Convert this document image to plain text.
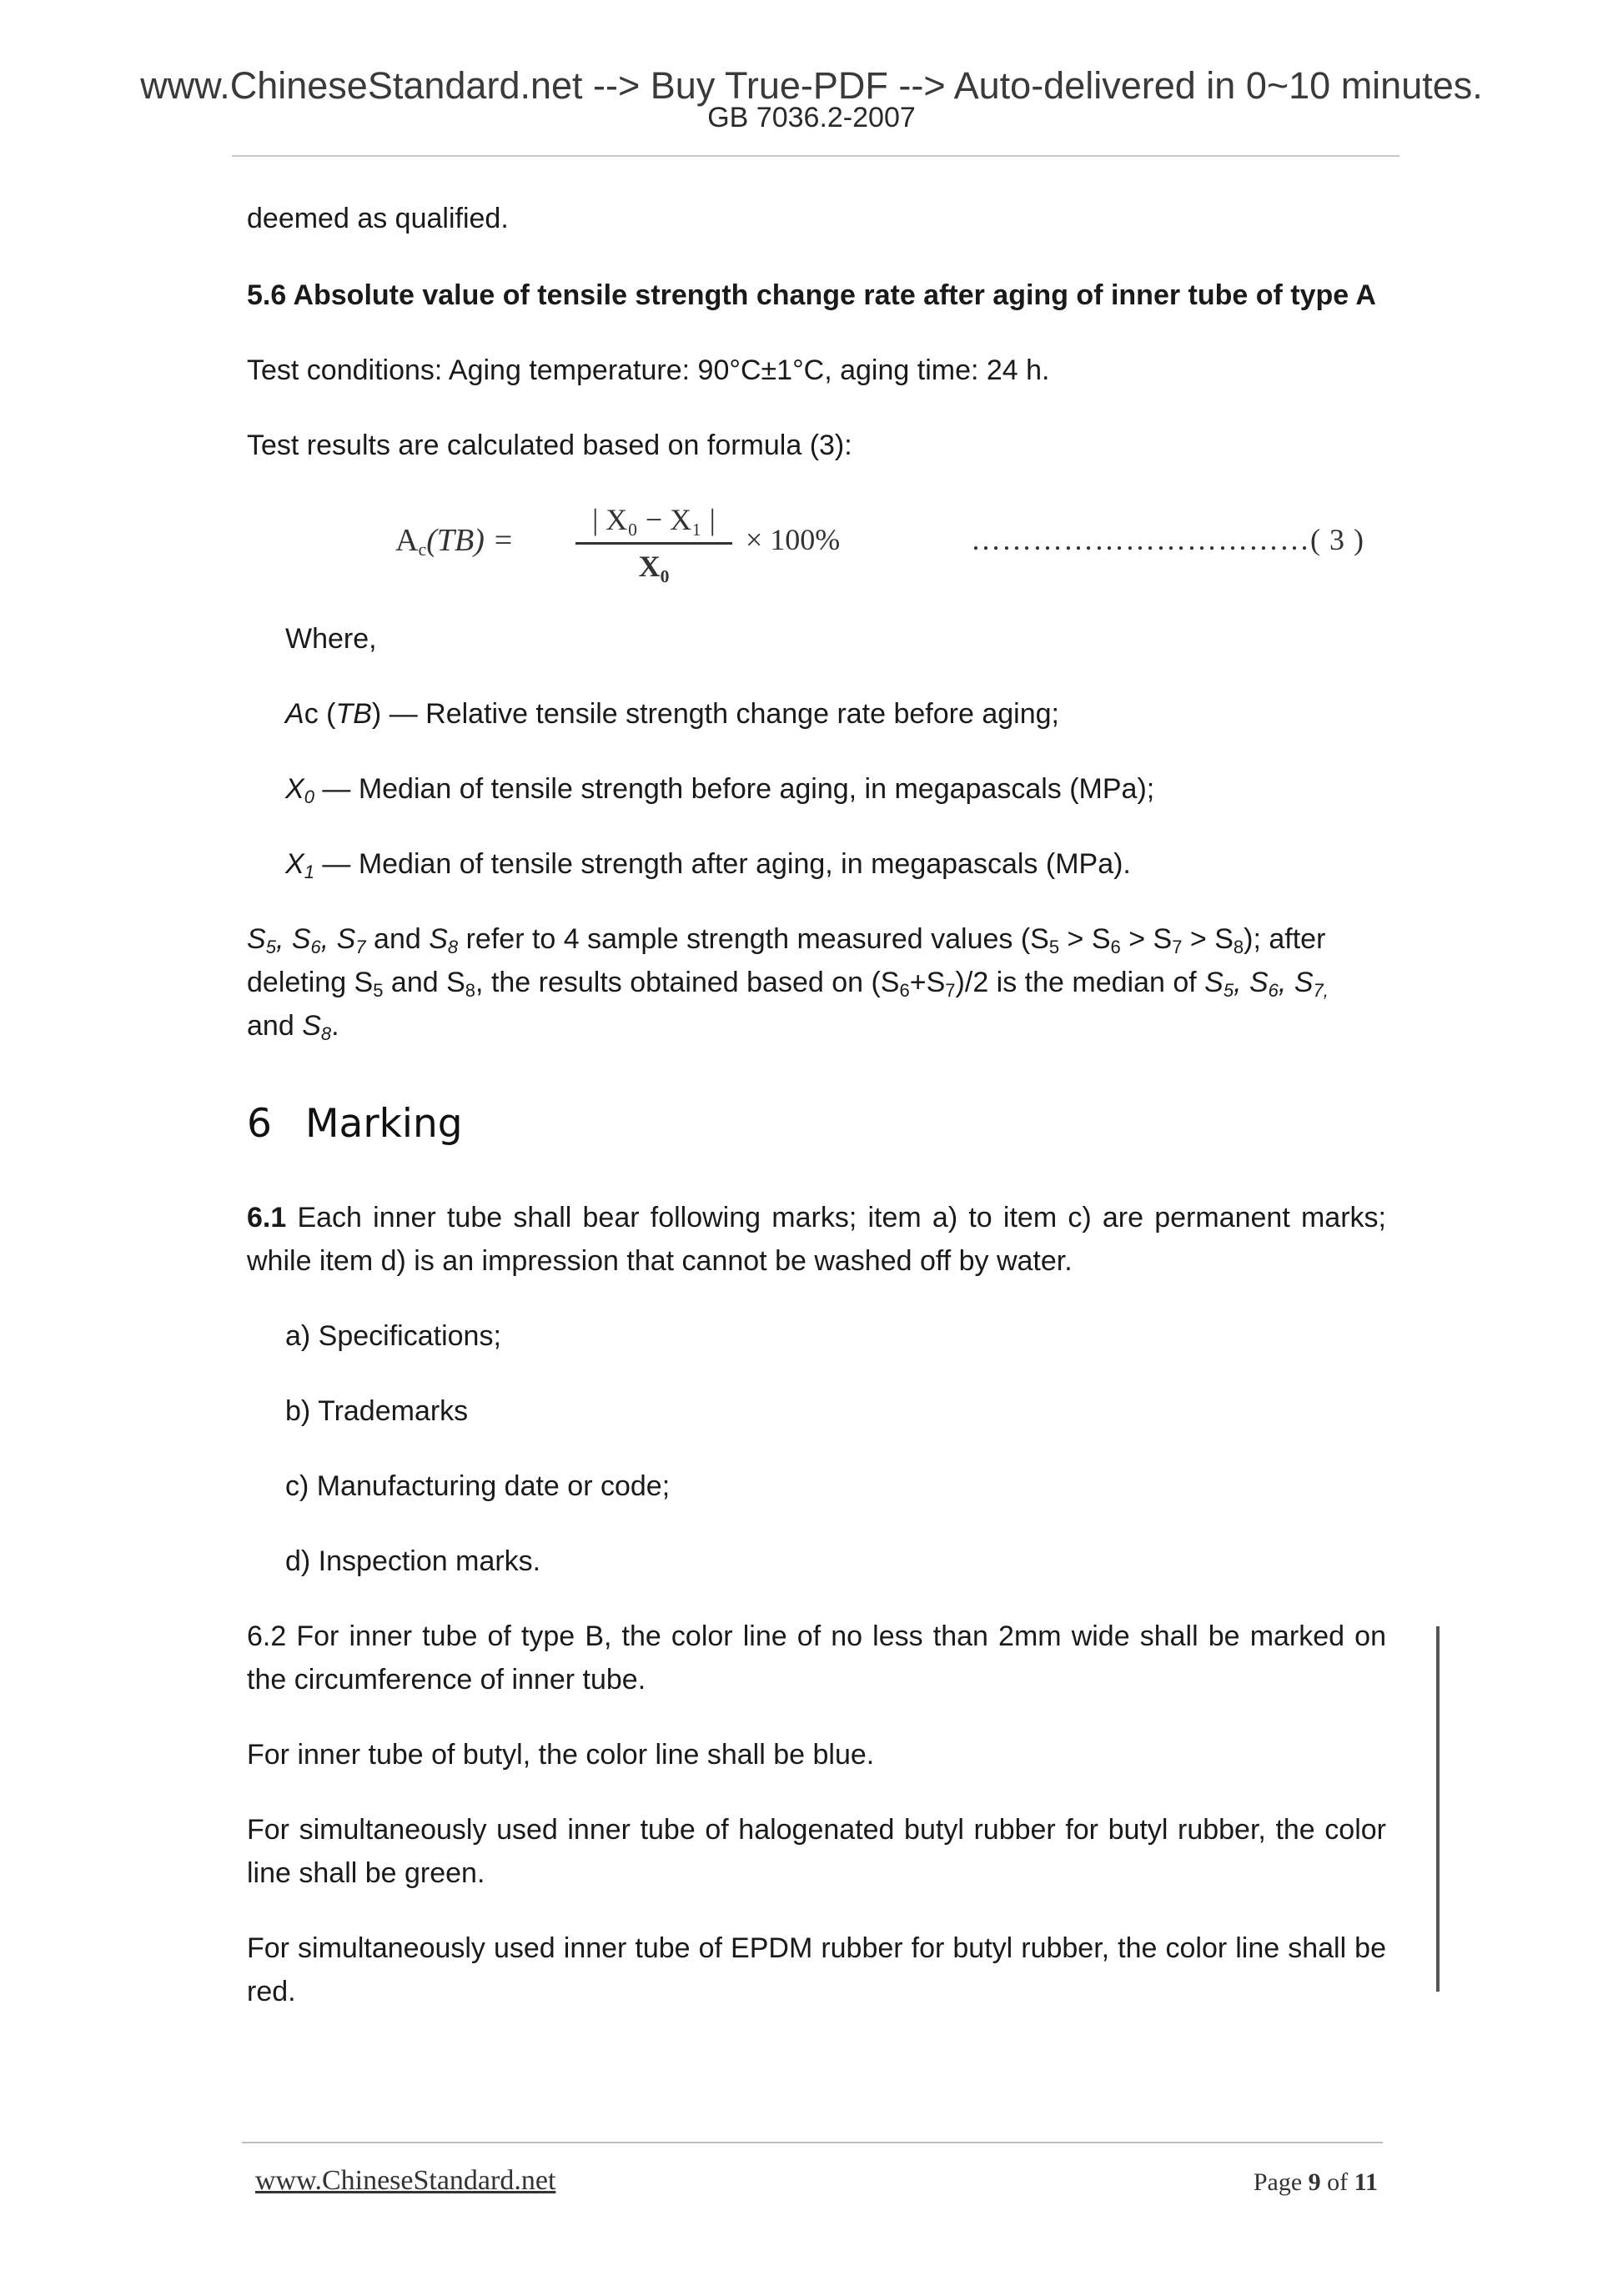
www.ChineseStandard.net --> Buy True-PDF --> Auto-delivered in 0~10 minutes.
GB 7036.2-2007
deemed as qualified.
5.6 Absolute value of tensile strength change rate after aging of inner tube of type A
Test conditions: Aging temperature: 90°C±1°C, aging time: 24 h.
Test results are calculated based on formula (3):
$A_c(TB)$ =
| X₀ − X₁ |
X₀
× 100%	……………………………( 3 )
Where,
Ac (TB) — Relative tensile strength change rate before aging;
$X_0$ — Median of tensile strength before aging, in megapascals (MPa);
$X_1$ — Median of tensile strength after aging, in megapascals (MPa).
$S_5$, $S_6$, $S_7$ and $S_8$ refer to 4 sample strength measured values $(S_5 > S_6 > S_7 > S_8)$; after
deleting $S_5$ and $S_8$, the results obtained based on $(S_6+S_7)/2$ is the median of $S_5$, $S_6$, $S_{7,}$
and $S_8$.
6 Marking
6.1 Each inner tube shall bear following marks; item a) to item c) are permanent marks; while item d) is an impression that cannot be washed off by water.
a) Specifications;
b) Trademarks
c) Manufacturing date or code;
d) Inspection marks.
6.2 For inner tube of type B, the color line of no less than 2mm wide shall be marked on the circumference of inner tube.
For inner tube of butyl, the color line shall be blue.
For simultaneously used inner tube of halogenated butyl rubber for butyl rubber, the color line shall be green.
For simultaneously used inner tube of EPDM rubber for butyl rubber, the color line shall be red.
www.ChineseStandard.net	Page 9 of 11
